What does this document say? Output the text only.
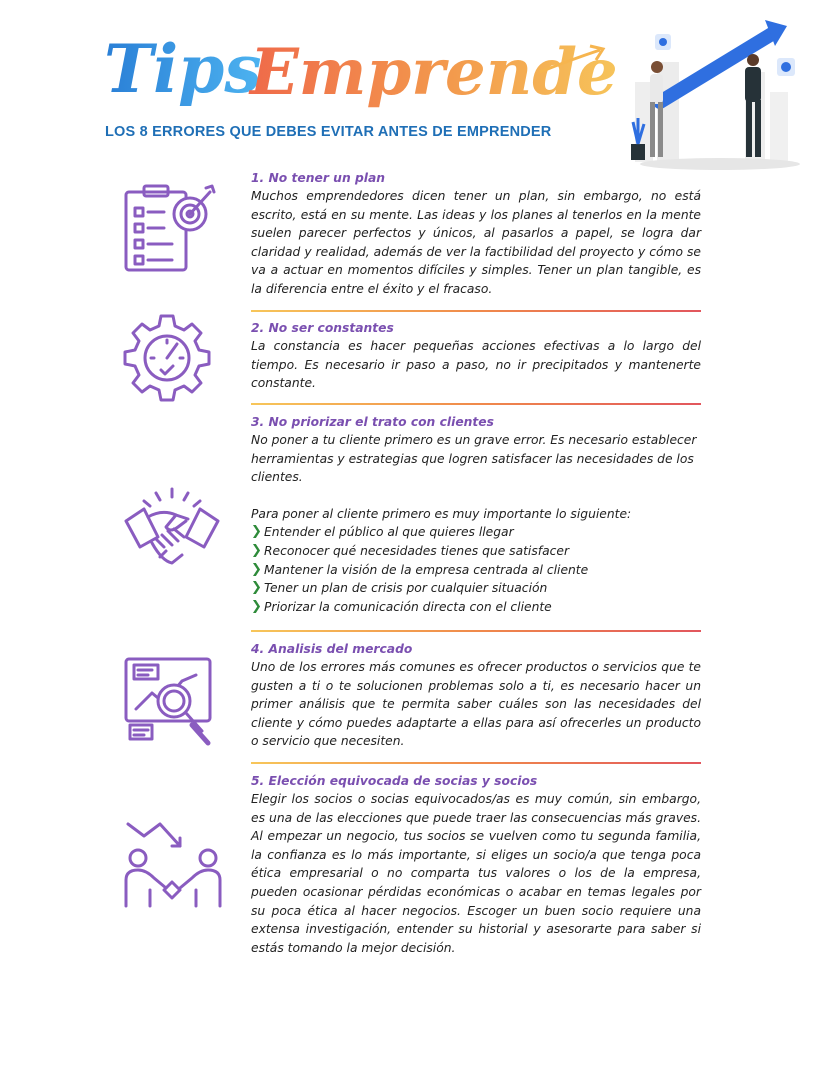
Tips
Emprende
LOS 8 ERRORES QUE DEBES EVITAR ANTES DE EMPRENDER

1. No tener un plan

Muchos emprendedores dicen tener un plan, sin embargo, no está escrito, está en su mente. Las ideas y los planes al tenerlos en la mente suelen parecer perfectos y únicos, al pasarlos a papel, se logra dar claridad y realidad, además de ver la factibilidad del proyecto y cómo se va a actuar en momentos difíciles y simples. Tener un plan tangible, es la diferencia entre el éxito y el fracaso.

2. No ser constantes

La constancia es hacer pequeñas acciones efectivas a lo largo del tiempo. Es necesario ir paso a paso, no ir precipitados y mantenerte constante.

3. No priorizar el trato con clientes

No poner a tu cliente primero es un grave error. Es necesario establecer herramientas y estrategias que logren satisfacer las necesidades de los clientes.

Para poner al cliente primero es muy importante lo siguiente:

❯ Entender el público al que quieres llegar
❯ Reconocer qué necesidades tienes que satisfacer
❯ Mantener la visión de la empresa centrada al cliente
❯ Tener un plan de crisis por cualquier situación
❯ Priorizar la comunicación directa con el cliente

4. Analisis del mercado

Uno de los errores más comunes es ofrecer productos o servicios que te gusten a ti o te solucionen problemas solo a ti, es necesario hacer un primer análisis que te permita saber cuáles son las necesidades del cliente y cómo puedes adaptarte a ellas para así ofrecerles un producto o servicio que necesiten.

5. Elección equivocada de socias y socios

Elegir los socios o socias equivocados/as es muy común, sin embargo, es una de las elecciones que puede traer las consecuencias más graves. Al empezar un negocio, tus socios se vuelven como tu segunda familia, la confianza es lo más importante, si eliges un socio/a que tenga poca ética empresarial o no comparta tus valores o los de la empresa, pueden ocasionar pérdidas económicas o acabar en temas legales por su poca ética al hacer negocios. Escoger un buen socio requiere una extensa investigación, entender su historial y asesorarte para saber si estás tomando la mejor decisión.
